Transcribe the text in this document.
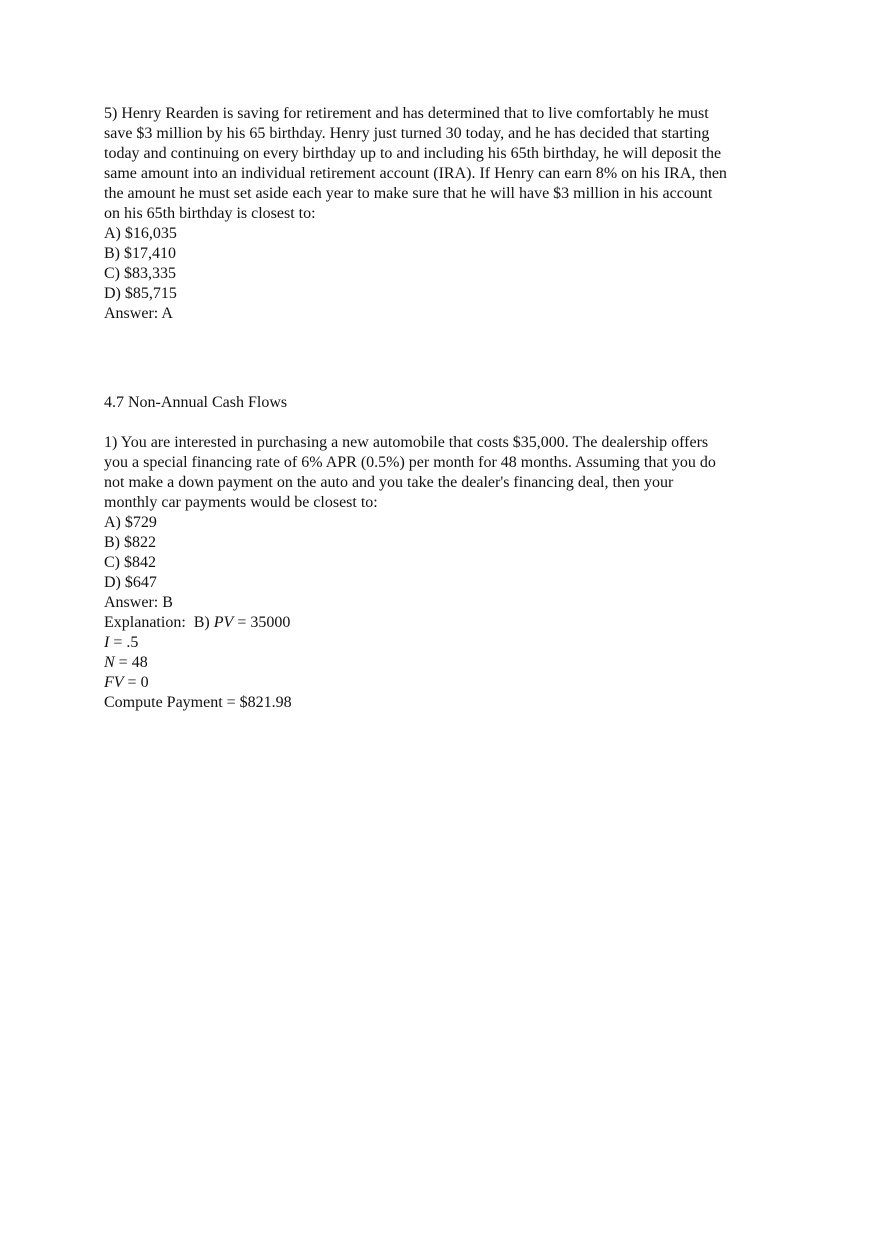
5) Henry Rearden is saving for retirement and has determined that to live comfortably he must
save $3 million by his 65 birthday. Henry just turned 30 today, and he has decided that starting
today and continuing on every birthday up to and including his 65th birthday, he will deposit the
same amount into an individual retirement account (IRA). If Henry can earn 8% on his IRA, then
the amount he must set aside each year to make sure that he will have $3 million in his account
on his 65th birthday is closest to:
A) $16,035
B) $17,410
C) $83,335
D) $85,715
Answer: A
4.7 Non-Annual Cash Flows
1) You are interested in purchasing a new automobile that costs $35,000. The dealership offers
you a special financing rate of 6% APR (0.5%) per month for 48 months. Assuming that you do
not make a down payment on the auto and you take the dealer's financing deal, then your
monthly car payments would be closest to:
A) $729
B) $822
C) $842
D) $647
Answer: B
Explanation:  B) PV = 35000
I = .5
N = 48
FV = 0
Compute Payment = $821.98
